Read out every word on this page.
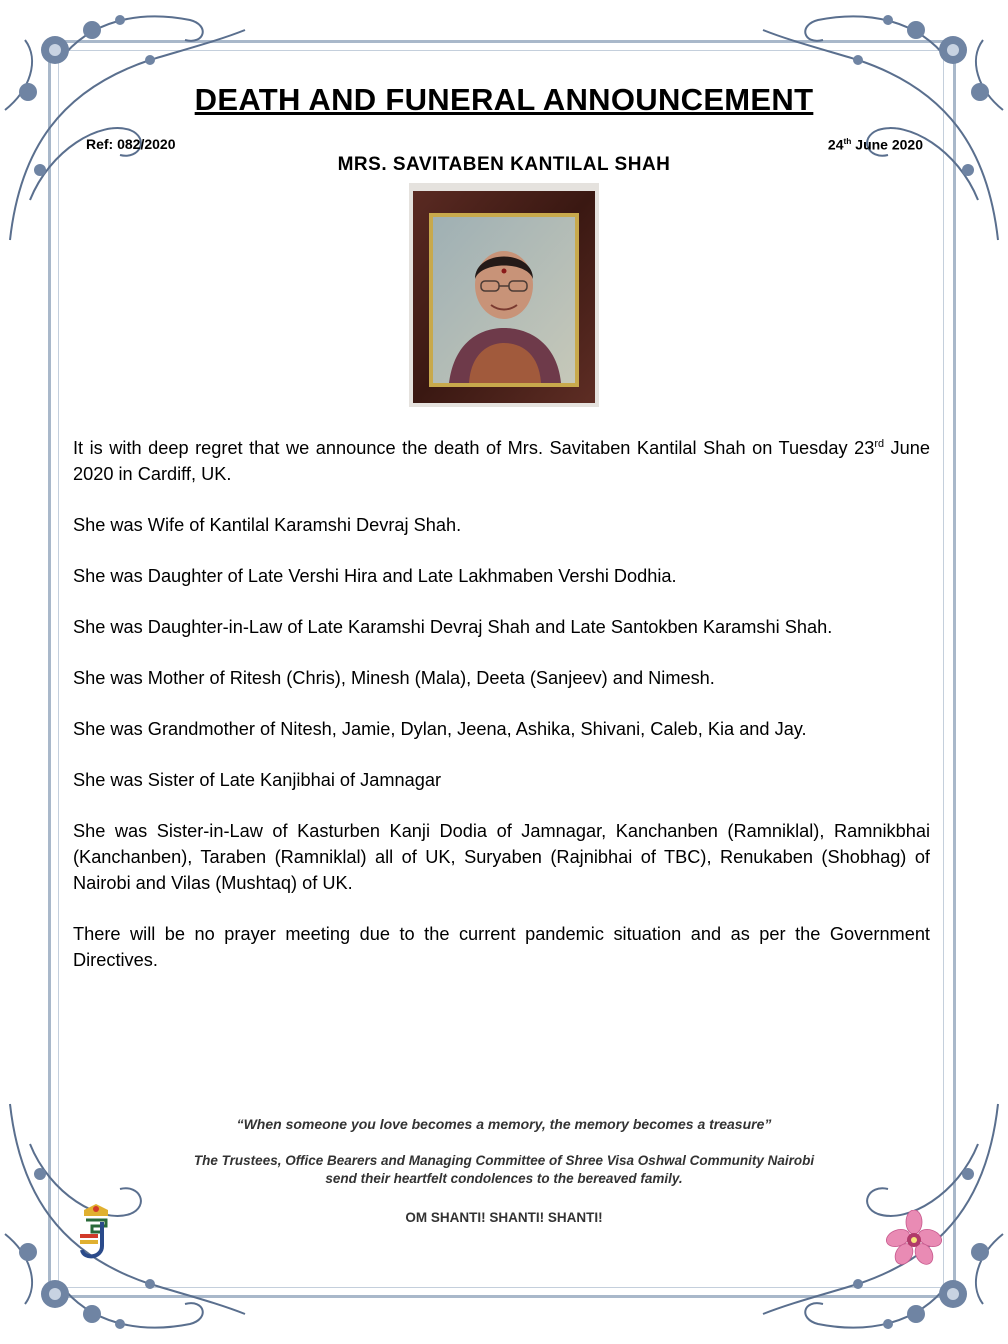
DEATH AND FUNERAL ANNOUNCEMENT
Ref: 082/2020	24th June 2020
MRS. SAVITABEN KANTILAL SHAH

It is with deep regret that we announce the death of Mrs. Savitaben Kantilal Shah on Tuesday 23rd June 2020 in Cardiff, UK.

She was Wife of Kantilal Karamshi Devraj Shah.

She was Daughter of Late Vershi Hira and Late Lakhmaben Vershi Dodhia.

She was Daughter-in-Law of Late Karamshi Devraj Shah and Late Santokben Karamshi Shah.

She was Mother of Ritesh (Chris), Minesh (Mala), Deeta (Sanjeev) and Nimesh.

She was Grandmother of Nitesh, Jamie, Dylan, Jeena, Ashika, Shivani, Caleb, Kia and Jay.

She was Sister of Late Kanjibhai of Jamnagar

She was Sister-in-Law of Kasturben Kanji Dodia of Jamnagar, Kanchanben (Ramniklal), Ramnikbhai (Kanchanben), Taraben (Ramniklal) all of UK, Suryaben (Rajnibhai of TBC), Renukaben (Shobhag) of Nairobi and Vilas (Mushtaq) of UK.

There will be no prayer meeting due to the current pandemic situation and as per the Government Directives.

“When someone you love becomes a memory, the memory becomes a treasure”
The Trustees, Office Bearers and Managing Committee of Shree Visa Oshwal Community Nairobi
send their heartfelt condolences to the bereaved family.
OM SHANTI! SHANTI! SHANTI!
